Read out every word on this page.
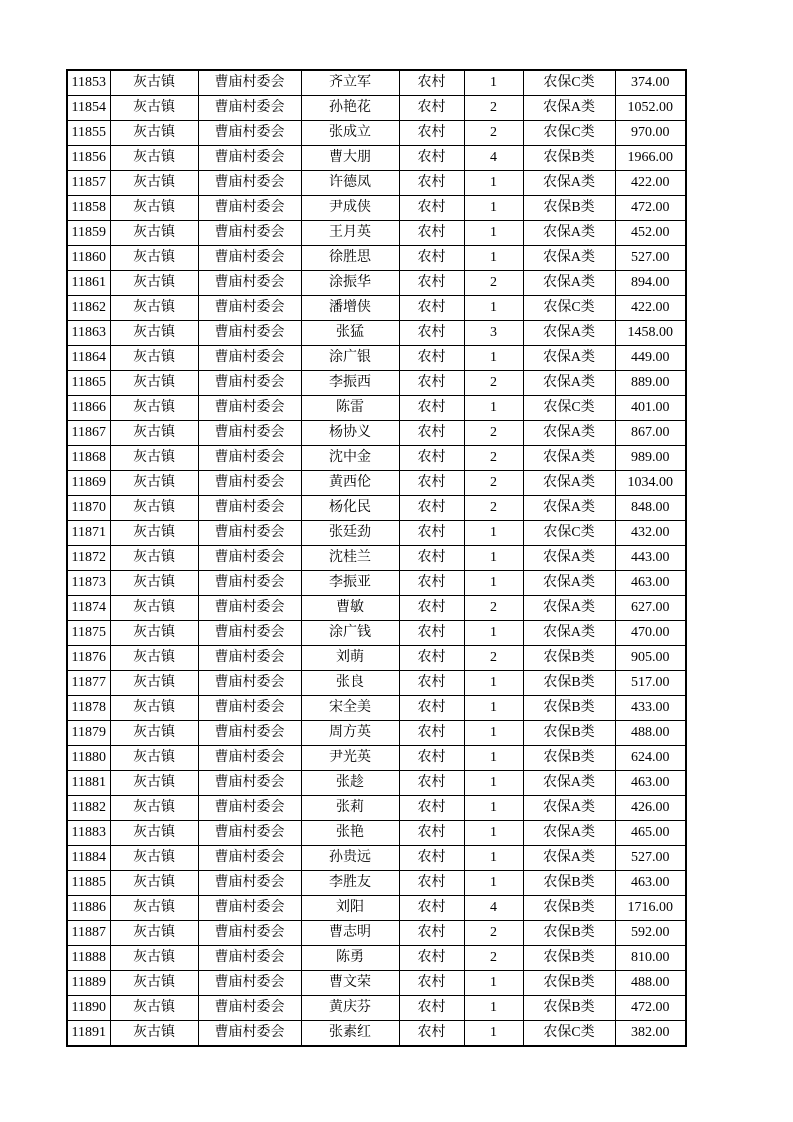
11853	灰古镇	曹庙村委会	齐立军	农村	1	农保C类	374.00
11854	灰古镇	曹庙村委会	孙艳花	农村	2	农保A类	1052.00
11855	灰古镇	曹庙村委会	张成立	农村	2	农保C类	970.00
11856	灰古镇	曹庙村委会	曹大朋	农村	4	农保B类	1966.00
11857	灰古镇	曹庙村委会	许德凤	农村	1	农保A类	422.00
11858	灰古镇	曹庙村委会	尹成侠	农村	1	农保B类	472.00
11859	灰古镇	曹庙村委会	王月英	农村	1	农保A类	452.00
11860	灰古镇	曹庙村委会	徐胜思	农村	1	农保A类	527.00
11861	灰古镇	曹庙村委会	涂振华	农村	2	农保A类	894.00
11862	灰古镇	曹庙村委会	潘增侠	农村	1	农保C类	422.00
11863	灰古镇	曹庙村委会	张猛	农村	3	农保A类	1458.00
11864	灰古镇	曹庙村委会	涂广银	农村	1	农保A类	449.00
11865	灰古镇	曹庙村委会	李振西	农村	2	农保A类	889.00
11866	灰古镇	曹庙村委会	陈雷	农村	1	农保C类	401.00
11867	灰古镇	曹庙村委会	杨协义	农村	2	农保A类	867.00
11868	灰古镇	曹庙村委会	沈中金	农村	2	农保A类	989.00
11869	灰古镇	曹庙村委会	黄西伦	农村	2	农保A类	1034.00
11870	灰古镇	曹庙村委会	杨化民	农村	2	农保A类	848.00
11871	灰古镇	曹庙村委会	张廷劲	农村	1	农保C类	432.00
11872	灰古镇	曹庙村委会	沈桂兰	农村	1	农保A类	443.00
11873	灰古镇	曹庙村委会	李振亚	农村	1	农保A类	463.00
11874	灰古镇	曹庙村委会	曹敏	农村	2	农保A类	627.00
11875	灰古镇	曹庙村委会	涂广钱	农村	1	农保A类	470.00
11876	灰古镇	曹庙村委会	刘萌	农村	2	农保B类	905.00
11877	灰古镇	曹庙村委会	张良	农村	1	农保B类	517.00
11878	灰古镇	曹庙村委会	宋全美	农村	1	农保B类	433.00
11879	灰古镇	曹庙村委会	周方英	农村	1	农保B类	488.00
11880	灰古镇	曹庙村委会	尹光英	农村	1	农保B类	624.00
11881	灰古镇	曹庙村委会	张趁	农村	1	农保A类	463.00
11882	灰古镇	曹庙村委会	张莉	农村	1	农保A类	426.00
11883	灰古镇	曹庙村委会	张艳	农村	1	农保A类	465.00
11884	灰古镇	曹庙村委会	孙贵远	农村	1	农保A类	527.00
11885	灰古镇	曹庙村委会	李胜友	农村	1	农保B类	463.00
11886	灰古镇	曹庙村委会	刘阳	农村	4	农保B类	1716.00
11887	灰古镇	曹庙村委会	曹志明	农村	2	农保B类	592.00
11888	灰古镇	曹庙村委会	陈勇	农村	2	农保B类	810.00
11889	灰古镇	曹庙村委会	曹文荣	农村	1	农保B类	488.00
11890	灰古镇	曹庙村委会	黄庆芬	农村	1	农保B类	472.00
11891	灰古镇	曹庙村委会	张素红	农村	1	农保C类	382.00
